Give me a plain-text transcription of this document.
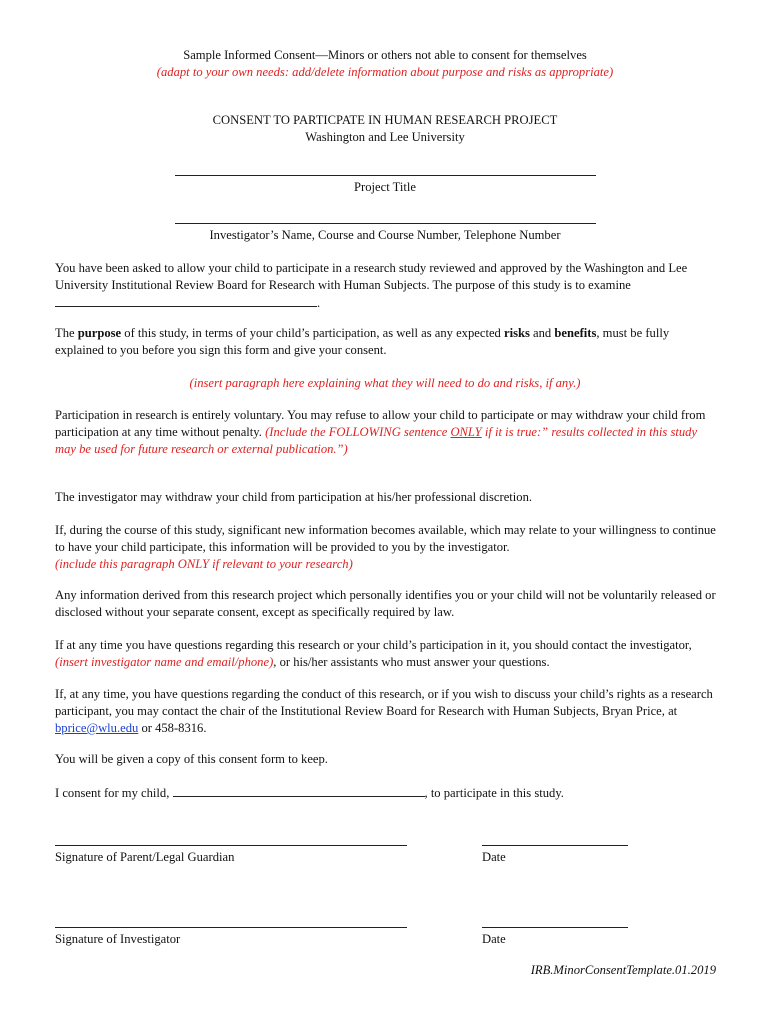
Sample Informed Consent—Minors or others not able to consent for themselves
(adapt to your own needs: add/delete information about purpose and risks as appropriate)
CONSENT TO PARTICPATE IN HUMAN RESEARCH PROJECT
Washington and Lee University
Project Title
Investigator’s Name, Course and Course Number, Telephone Number
You have been asked to allow your child to participate in a research study reviewed and approved by the Washington and Lee University Institutional Review Board for Research with Human Subjects. The purpose of this study is to examine .
The purpose of this study, in terms of your child’s participation, as well as any expected risks and benefits, must be fully explained to you before you sign this form and give your consent.
(insert paragraph here explaining what they will need to do and risks, if any.)
Participation in research is entirely voluntary. You may refuse to allow your child to participate or may withdraw your child from participation at any time without penalty. (Include the FOLLOWING sentence ONLY if it is true:” results collected in this study may be used for future research or external publication.”)
The investigator may withdraw your child from participation at his/her professional discretion.
If, during the course of this study, significant new information becomes available, which may relate to your willingness to continue to have your child participate, this information will be provided to you by the investigator.
(include this paragraph ONLY if relevant to your research)
Any information derived from this research project which personally identifies you or your child will not be voluntarily released or disclosed without your separate consent, except as specifically required by law.
If at any time you have questions regarding this research or your child’s participation in it, you should contact the investigator, (insert investigator name and email/phone), or his/her assistants who must answer your questions.
If, at any time, you have questions regarding the conduct of this research, or if you wish to discuss your child’s rights as a research participant, you may contact the chair of the Institutional Review Board for Research with Human Subjects, Bryan Price, at bprice@wlu.edu or 458-8316.
You will be given a copy of this consent form to keep.
I consent for my child,	, to participate in this study.
Signature of Parent/Legal Guardian	Date
Signature of Investigator	Date
IRB.MinorConsentTemplate.01.2019
